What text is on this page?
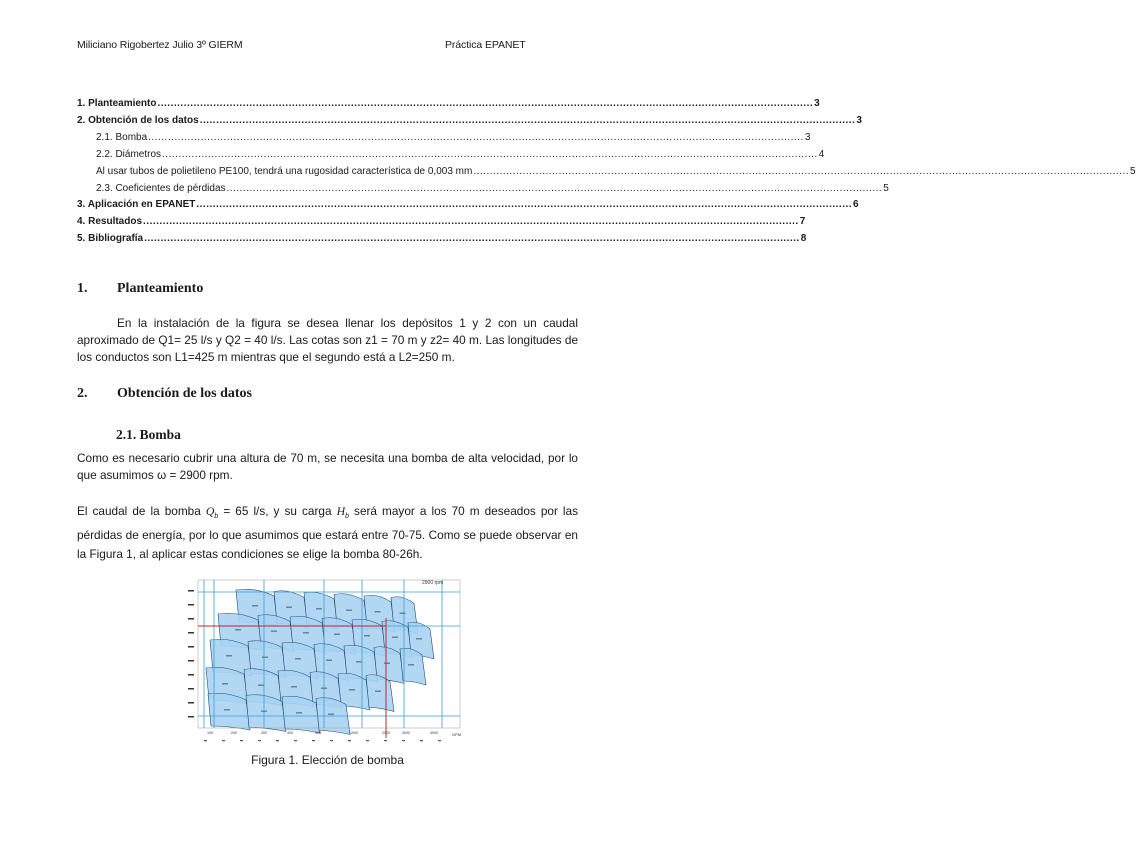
Miliciano Rigobertez Julio 3º GIERM	Práctica EPANET
1. Planteamiento ........................................................................................................................................................................................................ 3
2. Obtención de los datos ........................................................................................................................................................................................................ 3
2.1. Bomba ........................................................................................................................................................................................................ 3
2.2. Diámetros ........................................................................................................................................................................................................ 4
Al usar tubos de polietileno PE100, tendrá una rugosidad característica de 0,003 mm ........................................................................................................................................................................................................ 5
2.3. Coeficientes de pérdidas ........................................................................................................................................................................................................ 5
3. Aplicación en EPANET ........................................................................................................................................................................................................ 6
4. Resultados ........................................................................................................................................................................................................ 7
5. Bibliografía ........................................................................................................................................................................................................ 8
1. Planteamiento

En la instalación de la figura se desea llenar los depósitos 1 y 2 con un caudal aproximado de Q1= 25 l/s y Q2 = 40 l/s. Las cotas son z1 = 70 m y z2= 40 m. Las longitudes de los conductos son L1=425 m mientras que el segundo está a L2=250 m.

2. Obtención de los datos
2.1. Bomba

Como es necesario cubrir una altura de 70 m, se necesita una bomba de alta velocidad, por lo que asumimos ω = 2900 rpm.

El caudal de la bomba $Q_b = 65$ l/s, y su carga $H_b$ será mayor a los 70 m deseados por las pérdidas de energía, por lo que asumimos que estará entre 70-75. Como se puede observar en la Figura 1, al aplicar estas condiciones se elige la bomba 80-26h.

100	200	300	400	500	1000	2000	3000	4000
2900 rpm
GPM
Figura 1. Elección de bomba
